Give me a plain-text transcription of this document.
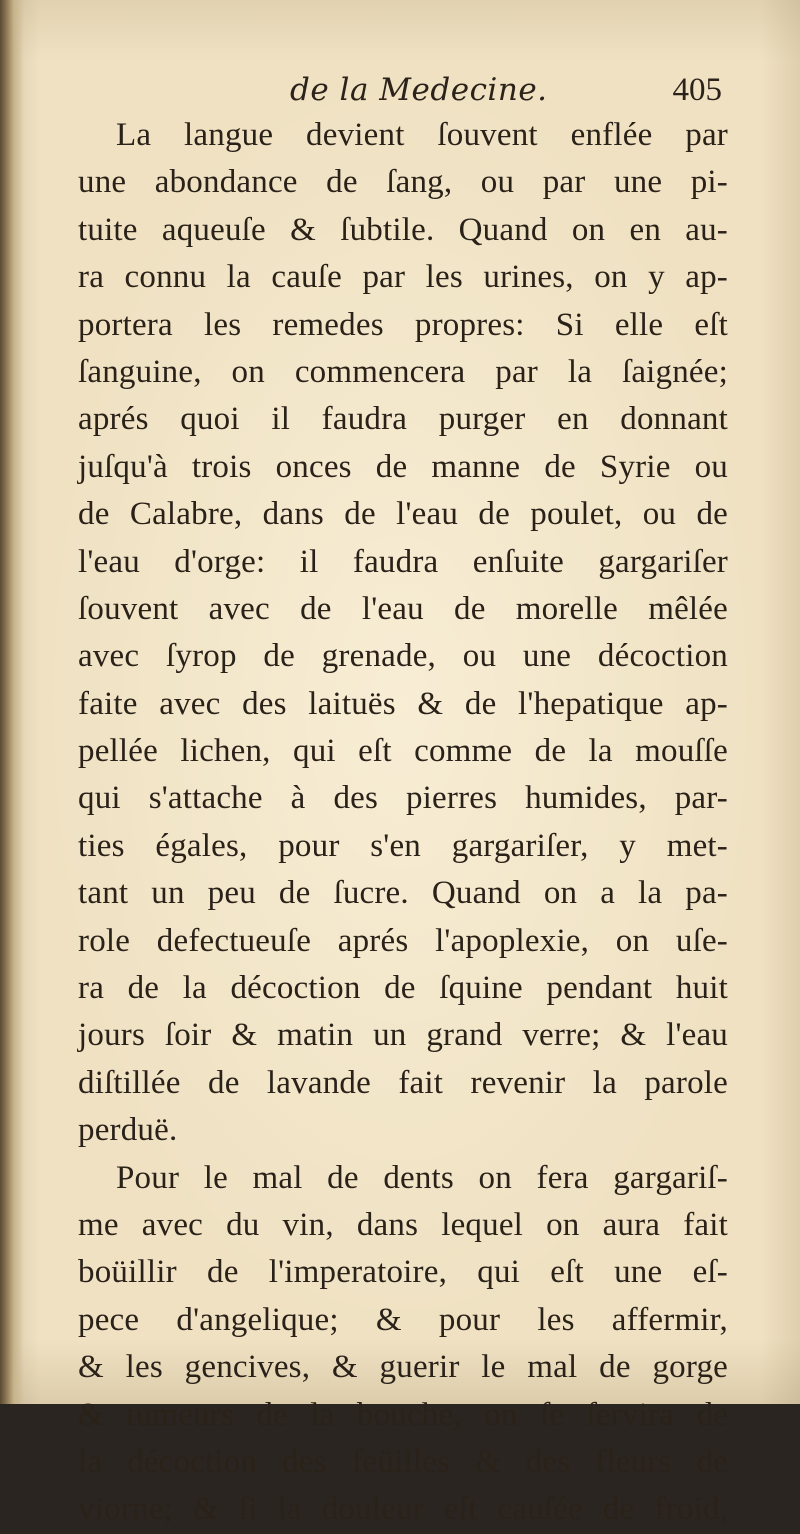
de la Medecine.	405
La langue devient ſouvent enflée par
une abondance de ſang, ou par une pi-
tuite aqueuſe & ſubtile. Quand on en au-
ra connu la cauſe par les urines, on y ap-
portera les remedes propres: Si elle eſt
ſanguine, on commencera par la ſaignée;
aprés quoi il faudra purger en donnant
juſqu'à trois onces de manne de Syrie ou
de Calabre, dans de l'eau de poulet, ou de
l'eau d'orge: il faudra enſuite gargariſer
ſouvent avec de l'eau de morelle mêlée
avec ſyrop de grenade, ou une décoction
faite avec des laituës & de l'hepatique ap-
pellée lichen, qui eſt comme de la mouſſe
qui s'attache à des pierres humides, par-
ties égales, pour s'en gargariſer, y met-
tant un peu de ſucre. Quand on a la pa-
role defectueuſe aprés l'apoplexie, on uſe-
ra de la décoction de ſquine pendant huit
jours ſoir & matin un grand verre; & l'eau
diſtillée de lavande fait revenir la parole
perduë.
Pour le mal de dents on fera gargariſ-
me avec du vin, dans lequel on aura fait
boüillir de l'imperatoire, qui eſt une eſ-
pece d'angelique; & pour les affermir,
& les gencives, & guerir le mal de gorge
& tumeurs de la bouche, on ſe ſervira de
la décoction des feüilles & des fleurs de
viorne; & ſi la douleur eſt cauſée de froid,
